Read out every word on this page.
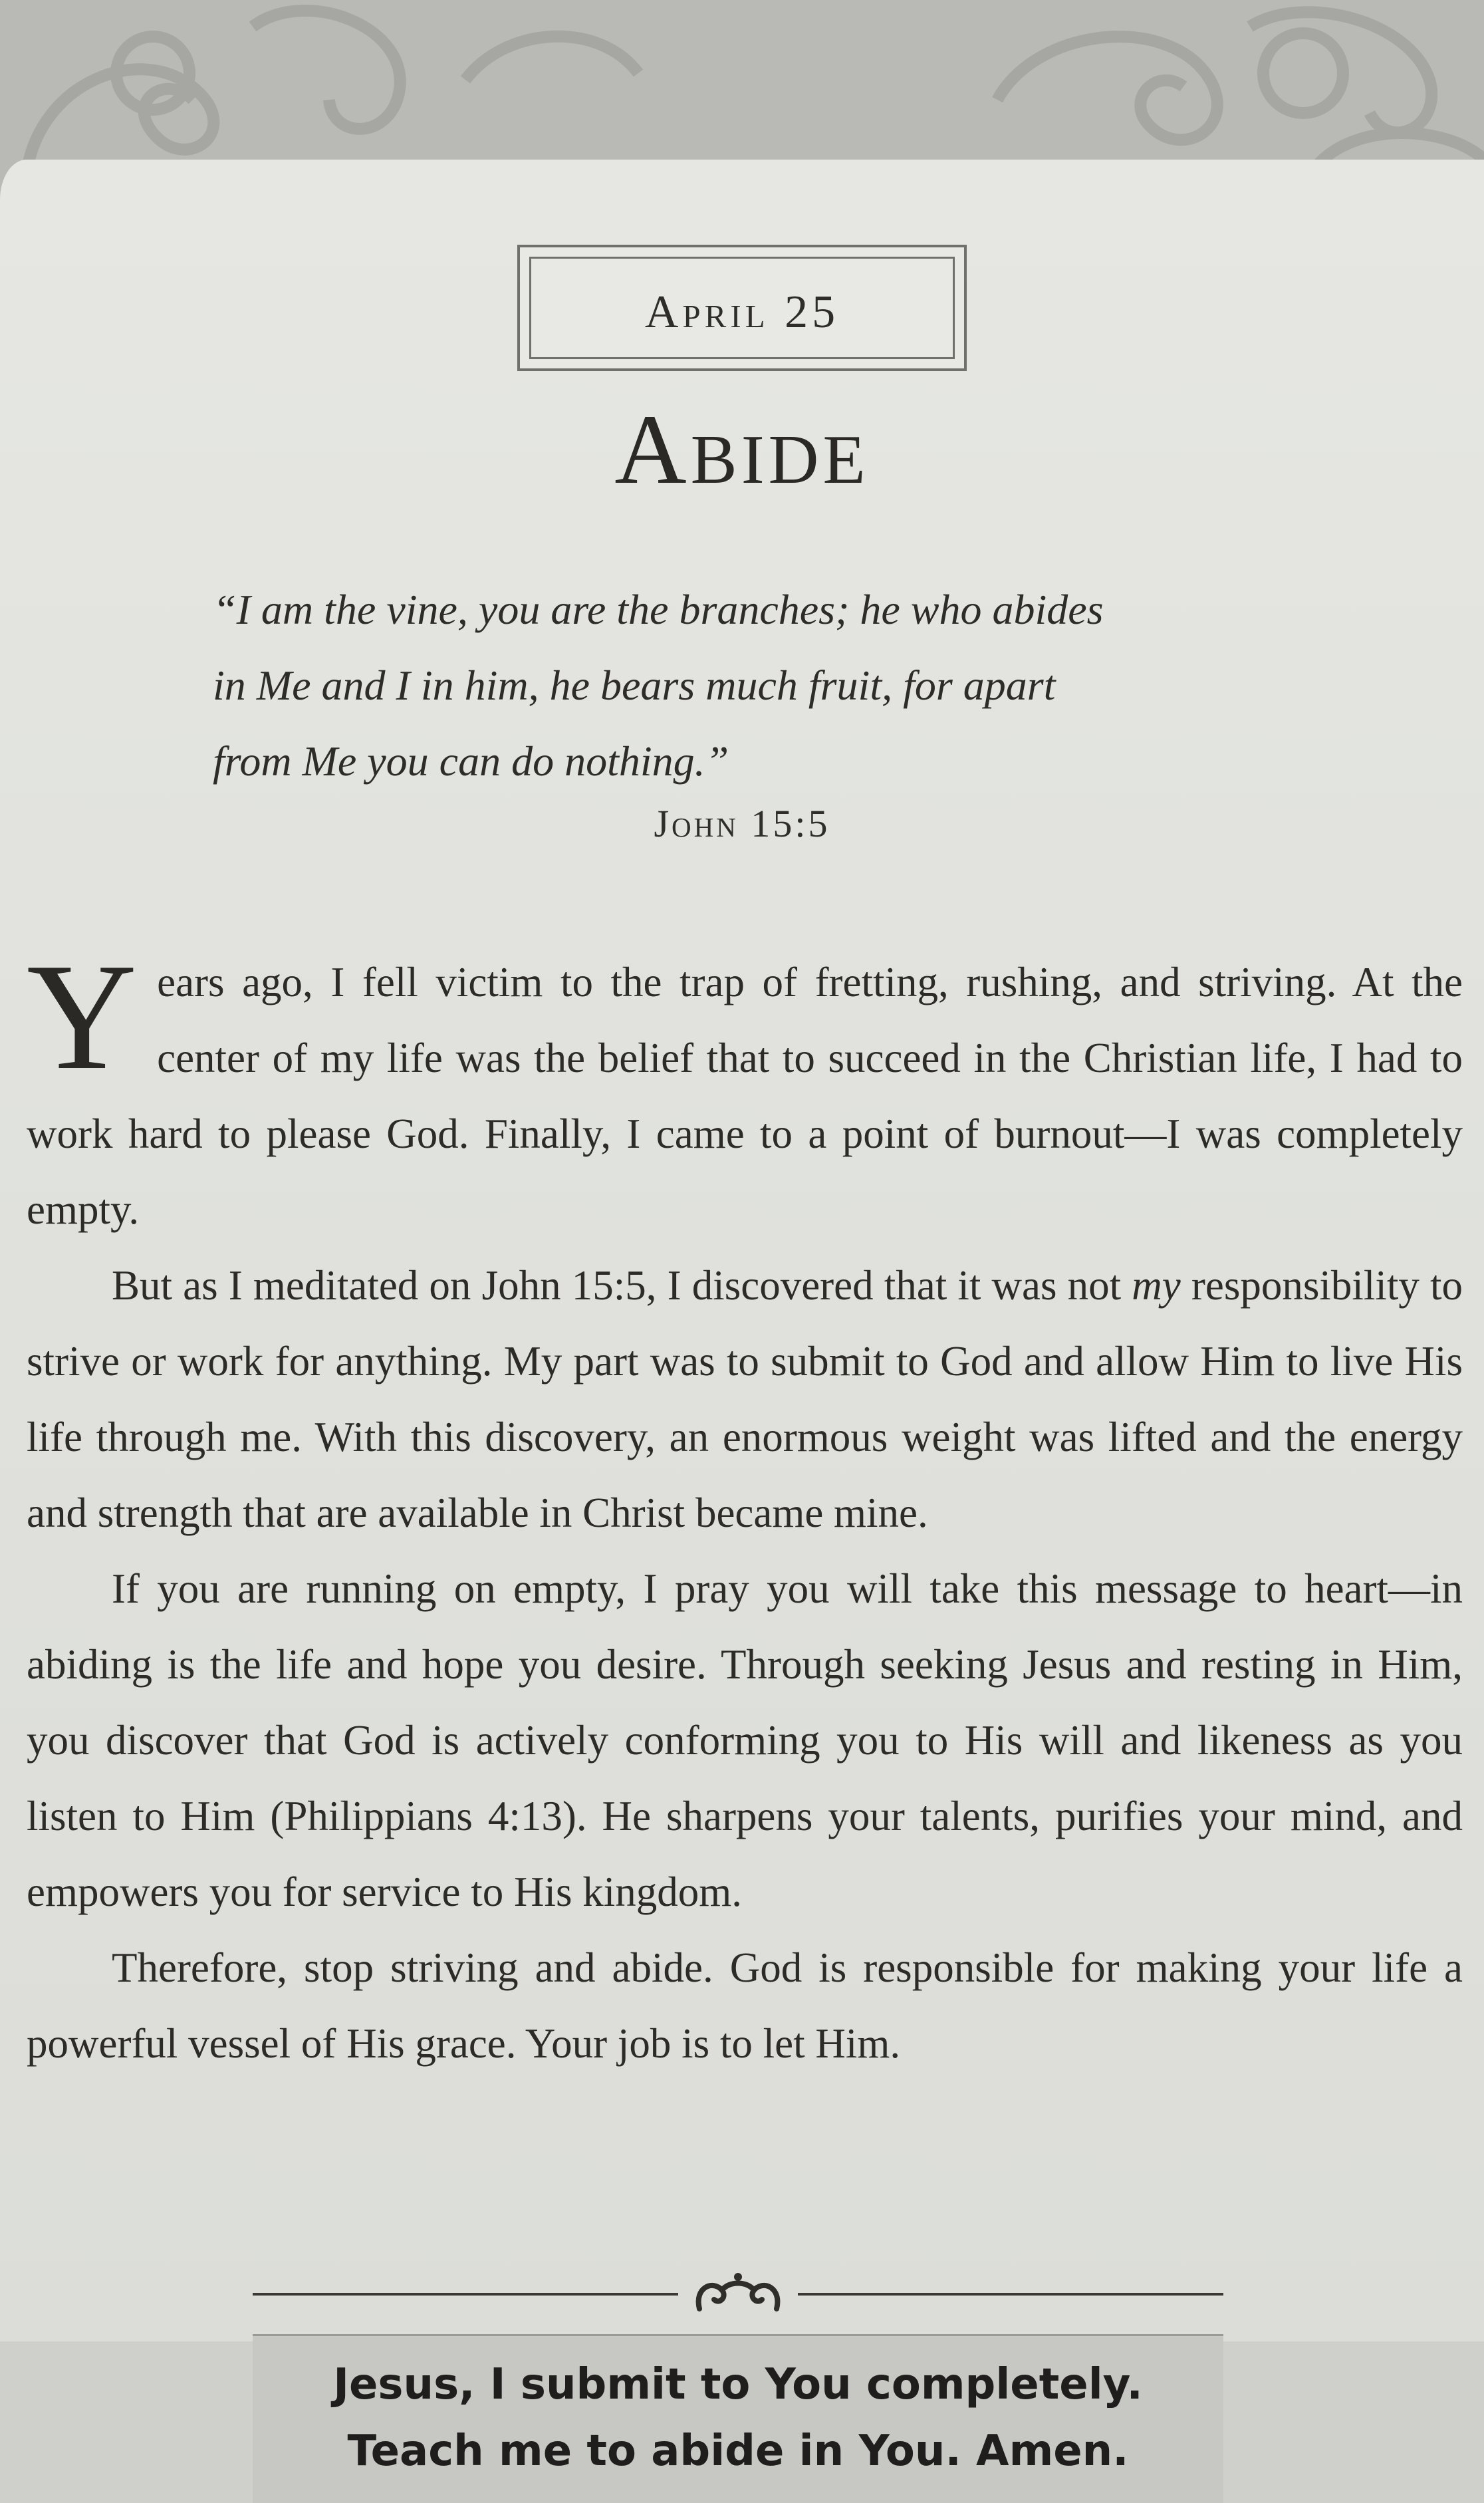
April 25
Abide
“I am the vine, you are the branches; he who abides
in Me and I in him, he bears much fruit, for apart
from Me you can do nothing.”
John 15:5

Years ago, I fell victim to the trap of fretting, rushing, and striving. At the center of my life was the belief that to succeed in the Christian life, I had to work hard to please God. Finally, I came to a point of burnout—I was completely empty.

But as I meditated on John 15:5, I discovered that it was not my responsibility to strive or work for anything. My part was to submit to God and allow Him to live His life through me. With this discovery, an enormous weight was lifted and the energy and strength that are available in Christ became mine.

If you are running on empty, I pray you will take this message to heart—in abiding is the life and hope you desire. Through seeking Jesus and resting in Him, you discover that God is actively conforming you to His will and likeness as you listen to Him (Philippians 4:13). He sharpens your talents, purifies your mind, and empowers you for service to His kingdom.

Therefore, stop striving and abide. God is responsible for making your life a powerful vessel of His grace. Your job is to let Him.

Jesus, I submit to You completely.
Teach me to abide in You. Amen.
